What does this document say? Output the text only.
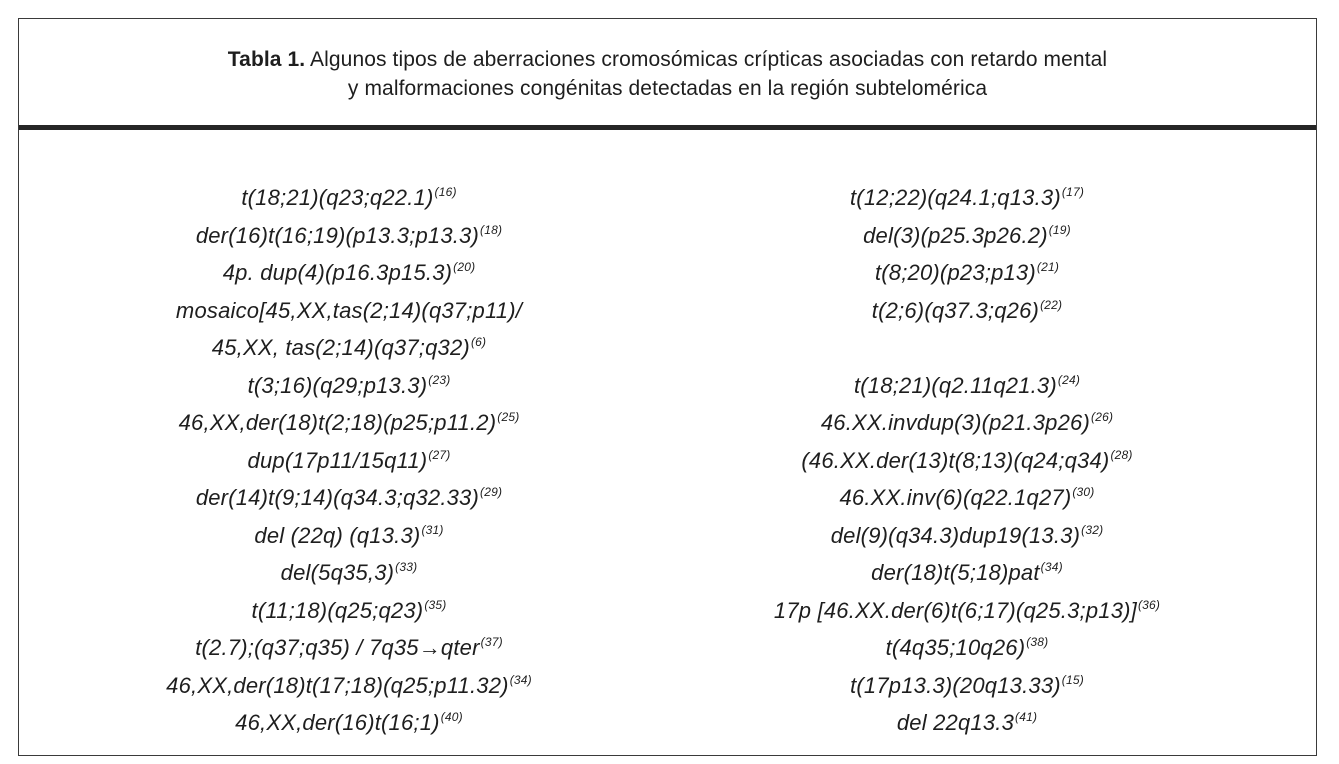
Tabla 1. Algunos tipos de aberraciones cromosómicas crípticas asociadas con retardo mental
y malformaciones congénitas detectadas en la región subtelomérica
t(18;21)(q23;q22.1)$^{(16)}$
der(16)t(16;19)(p13.3;p13.3)$^{(18)}$
4p. $dup(4)(p16.3p15.3)^{(20)}$
mosaico[45,XX,tas(2;14)(q37;p11)/
45,XX, tas(2;14)(q37;q32)$^{(6)}$
t(3;16)(q29;p13.3)$^{(23)}$
46,XX,der(18)t(2;18)(p25;p11.2)$^{(25)}$
$dup(17p11/15q11)^{(27)}$
der(14)t(9;14)(q34.3;q32.33)$^{(29)}$
del (22q) $(q13.3)^{(31)}$
$del(5q35,3)^{(33)}$
t(11;18)(q25;q23)$^{(35)}$
t(2.7);(q37;q35) / 7q35→qter$^{(37)}$
46,XX,der(18)t(17;18)(q25;p11.32)$^{(34)}$
46,XX,der(16)t(16;1)$^{(40)}$
t(12;22)(q24.1;q13.3)$^{(17)}$
$del(3)(p25.3p26.2)^{(19)}$
t(8;20)(p23;p13)$^{(21)}$
t(2;6)(q37.3;q26)$^{(22)}$
$t(18;21)(q2.11q21.3)^{(24)}$
$46.XX.invdup(3)(p21.3p26)^{(26)}$
(46.XX.der(13)t(8;13)(q24;q34)$^{(28)}$
$46.XX.inv(6)(q22.1q27)^{(30)}$
$del(9)(q34.3)dup19(13.3)^{(32)}$
der(18)t(5;18)pat$^{(34)}$
17p [46.XX.der(6)t(6;17)(q25.3;p13)]$^{(36)}$
t(4q35;10q26)$^{(38)}$
$t(17p13.3)(20q13.33)^{(15)}$
del 22q13.3$^{(41)}$
